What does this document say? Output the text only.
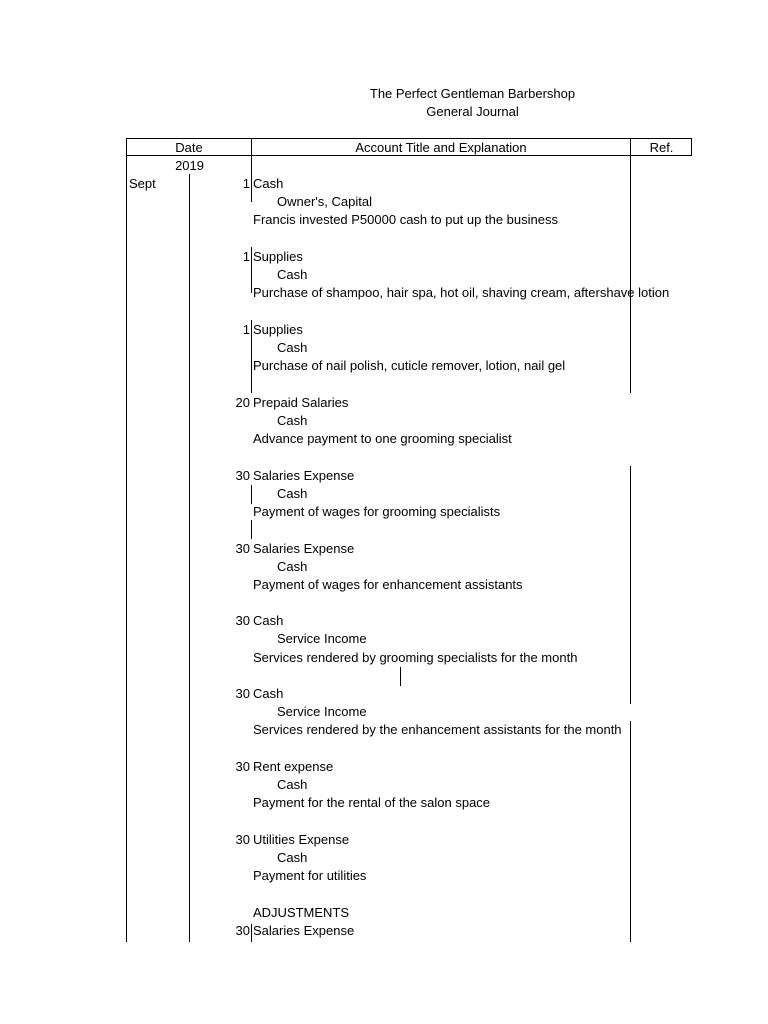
The Perfect Gentleman Barbershop
General Journal
Date	Account Title and Explanation	Ref.
2019
Sept	1 Cash
Owner's, Capital
Francis invested P50000 cash to put up the business
1 Supplies
Cash
Purchase of shampoo, hair spa, hot oil, shaving cream, aftershave lotion
1 Supplies
Cash
Purchase of nail polish, cuticle remover, lotion, nail gel
20 Prepaid Salaries
Cash
Advance payment to one grooming specialist
30 Salaries Expense
Cash
Payment of wages for grooming specialists
30 Salaries Expense
Cash
Payment of wages for enhancement assistants
30 Cash
Service Income
Services rendered by grooming specialists for the month
30 Cash
Service Income
Services rendered by the enhancement assistants for the month
30 Rent expense
Cash
Payment for the rental of the salon space
30 Utilities Expense
Cash
Payment for utilities
ADJUSTMENTS
30 Salaries Expense
